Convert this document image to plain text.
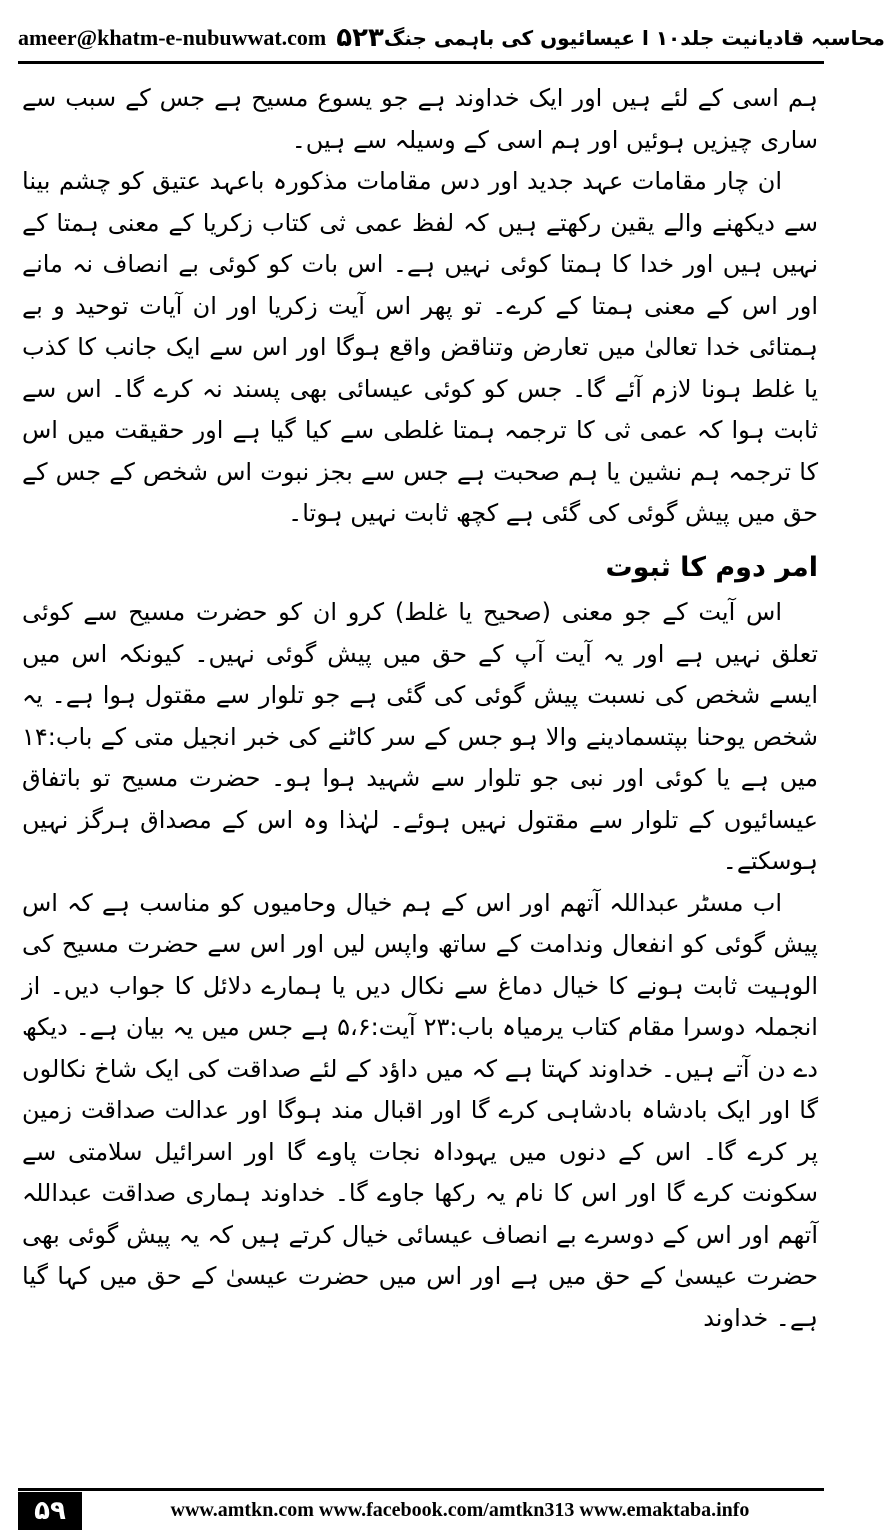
ameer@khatm-e-nubuwwat.com ۵۲۳ محاسبہ قادیانیت جلد۱۰ ا عیسائیوں کی باہمی جنگ

ہم اسی کے لئے ہیں اور ایک خداوند ہے جو یسوع مسیح ہے جس کے سبب سے ساری چیزیں ہوئیں اور ہم اسی کے وسیلہ سے ہیں۔

ان چار مقامات عہد جدید اور دس مقامات مذکورہ باعہد عتیق کو چشم بینا سے دیکھنے والے یقین رکھتے ہیں کہ لفظ عمی ثی کتاب زکریا کے معنی ہمتا کے نہیں ہیں اور خدا کا ہمتا کوئی نہیں ہے۔ اس بات کو کوئی بے انصاف نہ مانے اور اس کے معنی ہمتا کے کرے۔ تو پھر اس آیت زکریا اور ان آیات توحید و بے ہمتائی خدا تعالیٰ میں تعارض وتناقض واقع ہوگا اور اس سے ایک جانب کا کذب یا غلط ہونا لازم آئے گا۔ جس کو کوئی عیسائی بھی پسند نہ کرے گا۔ اس سے ثابت ہوا کہ عمی ثی کا ترجمہ ہمتا غلطی سے کیا گیا ہے اور حقیقت میں اس کا ترجمہ ہم نشین یا ہم صحبت ہے جس سے بجز نبوت اس شخص کے جس کے حق میں پیش گوئی کی گئی ہے کچھ ثابت نہیں ہوتا۔

امر دوم کا ثبوت

اس آیت کے جو معنی (صحیح یا غلط) کرو ان کو حضرت مسیح سے کوئی تعلق نہیں ہے اور یہ آیت آپ کے حق میں پیش گوئی نہیں۔ کیونکہ اس میں ایسے شخص کی نسبت پیش گوئی کی گئی ہے جو تلوار سے مقتول ہوا ہے۔ یہ شخص یوحنا بپتسمادینے والا ہو جس کے سر کاٹنے کی خبر انجیل متی کے باب:۱۴ میں ہے یا کوئی اور نبی جو تلوار سے شہید ہوا ہو۔ حضرت مسیح تو باتفاق عیسائیوں کے تلوار سے مقتول نہیں ہوئے۔ لہٰذا وہ اس کے مصداق ہرگز نہیں ہوسکتے۔

اب مسٹر عبداللہ آتھم اور اس کے ہم خیال وحامیوں کو مناسب ہے کہ اس پیش گوئی کو انفعال وندامت کے ساتھ واپس لیں اور اس سے حضرت مسیح کی الوہیت ثابت ہونے کا خیال دماغ سے نکال دیں یا ہمارے دلائل کا جواب دیں۔ از انجملہ دوسرا مقام کتاب یرمیاہ باب:۲۳ آیت:۵،۶ ہے جس میں یہ بیان ہے۔ دیکھ دے دن آتے ہیں۔ خداوند کہتا ہے کہ میں داؤد کے لئے صداقت کی ایک شاخ نکالوں گا اور ایک بادشاہ بادشاہی کرے گا اور اقبال مند ہوگا اور عدالت صداقت زمین پر کرے گا۔ اس کے دنوں میں یہوداہ نجات پاوے گا اور اسرائیل سلامتی سے سکونت کرے گا اور اس کا نام یہ رکھا جاوے گا۔ خداوند ہماری صداقت عبداللہ آتھم اور اس کے دوسرے بے انصاف عیسائی خیال کرتے ہیں کہ یہ پیش گوئی بھی حضرت عیسیٰ کے حق میں ہے اور اس میں حضرت عیسیٰ کے حق میں کہا گیا ہے۔ خداوند

۵۹	www.amtkn.com www.facebook.com/amtkn313 www.emaktaba.info
